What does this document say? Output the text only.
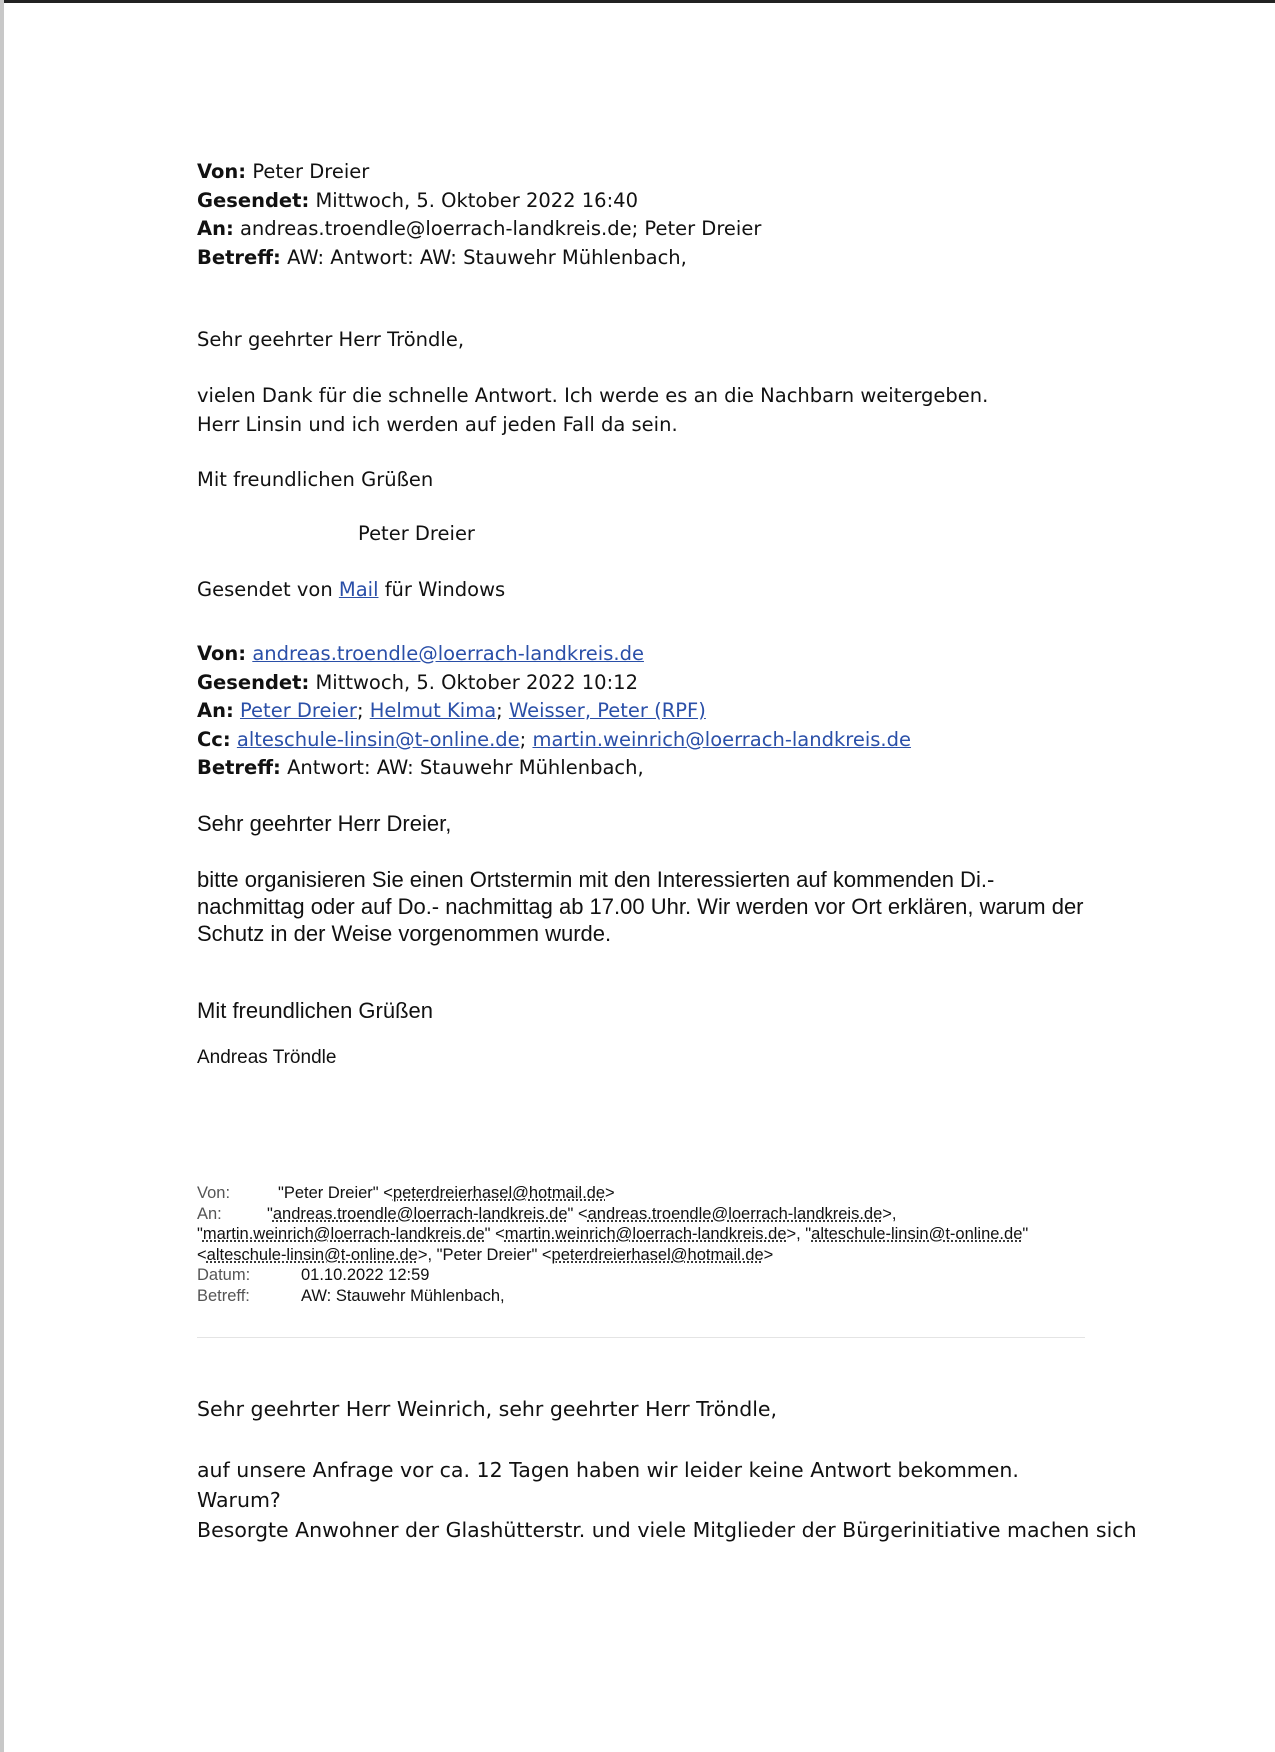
Von: Peter Dreier
Gesendet: Mittwoch, 5. Oktober 2022 16:40
An: andreas.troendle@loerrach-landkreis.de; Peter Dreier
Betreff: AW: Antwort: AW: Stauwehr Mühlenbach,
Sehr geehrter Herr Tröndle,
vielen Dank für die schnelle Antwort. Ich werde es an die Nachbarn weitergeben.
Herr Linsin und ich werden auf jeden Fall da sein.
Mit freundlichen Grüßen
Peter Dreier
Gesendet von Mail für Windows
Von: andreas.troendle@loerrach-landkreis.de
Gesendet: Mittwoch, 5. Oktober 2022 10:12
An: Peter Dreier; Helmut Kima; Weisser, Peter (RPF)
Cc: alteschule-linsin@t-online.de; martin.weinrich@loerrach-landkreis.de
Betreff: Antwort: AW: Stauwehr Mühlenbach,
Sehr geehrter Herr Dreier,
bitte organisieren Sie einen Ortstermin mit den Interessierten auf kommenden Di.-
nachmittag oder auf Do.- nachmittag ab 17.00 Uhr. Wir werden vor Ort erklären, warum der
Schutz in der Weise vorgenommen wurde.
Mit freundlichen Grüßen
Andreas Tröndle
Von:	"Peter Dreier" <peterdreierhasel@hotmail.de>
An:	"andreas.troendle@loerrach-landkreis.de" <andreas.troendle@loerrach-landkreis.de>,
"martin.weinrich@loerrach-landkreis.de" <martin.weinrich@loerrach-landkreis.de>, "alteschule-linsin@t-online.de"
<alteschule-linsin@t-online.de>, "Peter Dreier" <peterdreierhasel@hotmail.de>
Datum:	01.10.2022 12:59
Betreff:	AW: Stauwehr Mühlenbach,
Sehr geehrter Herr Weinrich, sehr geehrter Herr Tröndle,
auf unsere Anfrage vor ca. 12 Tagen haben wir leider keine Antwort bekommen.
Warum?
Besorgte Anwohner der Glashütterstr. und viele Mitglieder der Bürgerinitiative machen sich
